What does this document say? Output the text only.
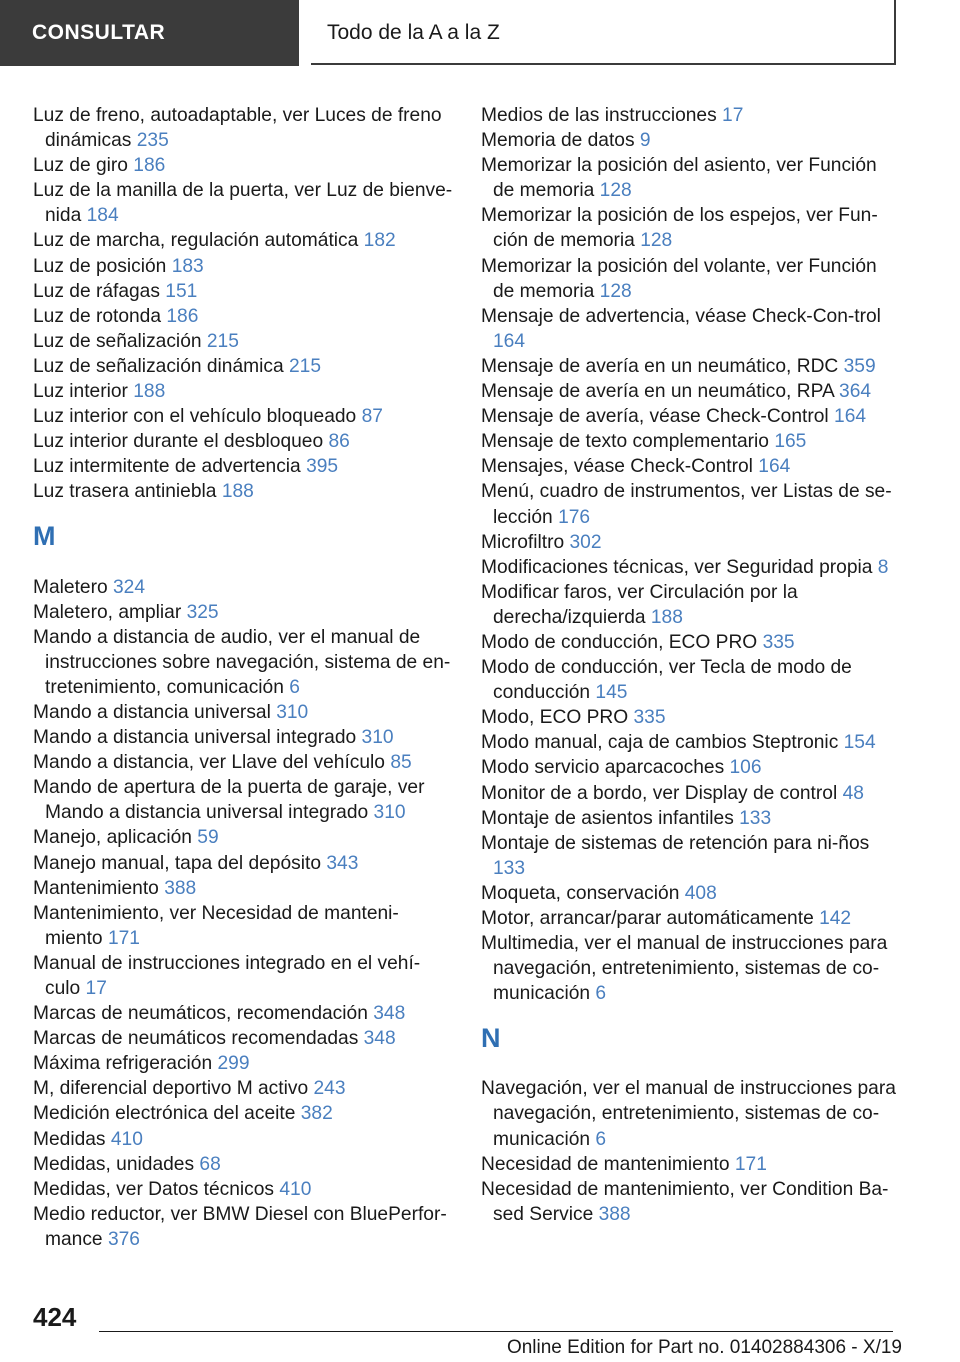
CONSULTAR	Todo de la A a la Z
Luz de freno, autoadaptable, ver Luces de freno dinámicas 235
Luz de giro 186
Luz de la manilla de la puerta, ver Luz de bienve‐nida 184
Luz de marcha, regulación automática 182
Luz de posición 183
Luz de ráfagas 151
Luz de rotonda 186
Luz de señalización 215
Luz de señalización dinámica 215
Luz interior 188
Luz interior con el vehículo bloqueado 87
Luz interior durante el desbloqueo 86
Luz intermitente de advertencia 395
Luz trasera antiniebla 188
M
Maletero 324
Maletero, ampliar 325
Mando a distancia de audio, ver el manual de instrucciones sobre navegación, sistema de en‐tretenimiento, comunicación 6
Mando a distancia universal 310
Mando a distancia universal integrado 310
Mando a distancia, ver Llave del vehículo 85
Mando de apertura de la puerta de garaje, ver Mando a distancia universal integrado 310
Manejo, aplicación 59
Manejo manual, tapa del depósito 343
Mantenimiento 388
Mantenimiento, ver Necesidad de manteni‐miento 171
Manual de instrucciones integrado en el vehí‐culo 17
Marcas de neumáticos, recomendación 348
Marcas de neumáticos recomendadas 348
Máxima refrigeración 299
M, diferencial deportivo M activo 243
Medición electrónica del aceite 382
Medidas 410
Medidas, unidades 68
Medidas, ver Datos técnicos 410
Medio reductor, ver BMW Diesel con BluePerfor‐mance 376
Medios de las instrucciones 17
Memoria de datos 9
Memorizar la posición del asiento, ver Función de memoria 128
Memorizar la posición de los espejos, ver Fun‐ción de memoria 128
Memorizar la posición del volante, ver Función de memoria 128
Mensaje de advertencia, véase Check-Con‐trol 164
Mensaje de avería en un neumático, RDC 359
Mensaje de avería en un neumático, RPA 364
Mensaje de avería, véase Check-Control 164
Mensaje de texto complementario 165
Mensajes, véase Check-Control 164
Menú, cuadro de instrumentos, ver Listas de se‐lección 176
Microfiltro 302
Modificaciones técnicas, ver Seguridad propia 8
Modificar faros, ver Circulación por la derecha/izquierda 188
Modo de conducción, ECO PRO 335
Modo de conducción, ver Tecla de modo de conducción 145
Modo, ECO PRO 335
Modo manual, caja de cambios Steptronic 154
Modo servicio aparcacoches 106
Monitor de a bordo, ver Display de control 48
Montaje de asientos infantiles 133
Montaje de sistemas de retención para ni‐ños 133
Moqueta, conservación 408
Motor, arrancar/parar automáticamente 142
Multimedia, ver el manual de instrucciones para navegación, entretenimiento, sistemas de co‐municación 6
N
Navegación, ver el manual de instrucciones para navegación, entretenimiento, sistemas de co‐municación 6
Necesidad de mantenimiento 171
Necesidad de mantenimiento, ver Condition Ba‐sed Service 388
424
Online Edition for Part no. 01402884306 - X/19
